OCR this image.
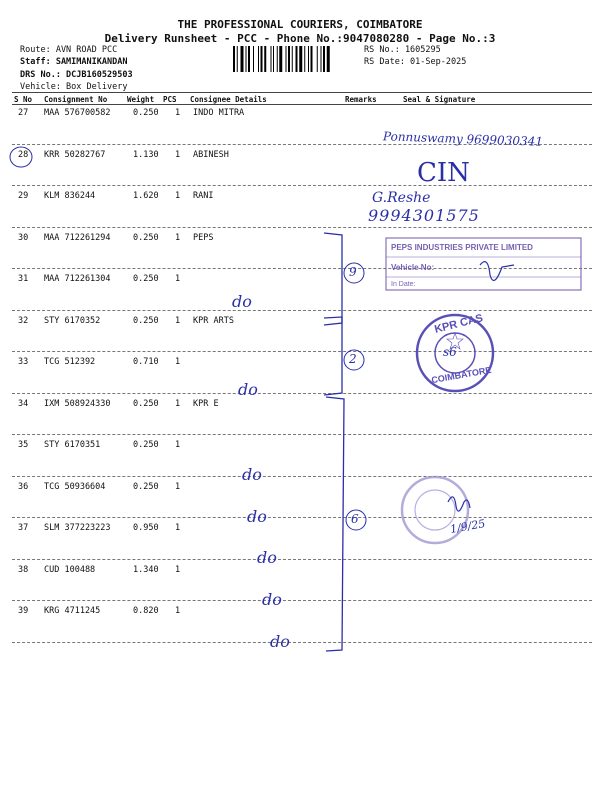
THE PROFESSIONAL COURIERS, COIMBATORE
Delivery Runsheet - PCC - Phone No.:9047080280 - Page No.:3
Route: AVN ROAD PCC
Staff: SAMIMANIKANDAN
DRS No.: DCJB160529503
Vehicle: Box Delivery
RS No.: 1605295
RS Date: 01-Sep-2025
S No Consignment No	Weight PCS Consignee Details	Remarks	Seal & Signature
27 MAA 576700582	0.250 1 INDO MITRA
28 KRR 50282767	1.130 1 ABINESH
29 KLM 836244	1.620 1 RANI
30 MAA 712261294	0.250 1 PEPS
31 MAA 712261304	0.250 1
32 STY 6170352	0.250 1 KPR ARTS
33 TCG 512392	0.710 1
34 IXM 508924330	0.250 1 KPR E
35 STY 6170351	0.250 1
36 TCG 50936604	0.250 1
37 SLM 377223223	0.950 1
38 CUD 100488	1.340 1
39 KRG 4711245	0.820 1
Ponnuswamy 9699030341
CIN
G.Reshe
9994301575
9
2
6
do
do
do
do
do
do
do
PEPS INDUSTRIES PRIVATE LIMITED
Vehicle No:
In Date:
KPR CAS
COIMBATORE
s6
1/9/25
